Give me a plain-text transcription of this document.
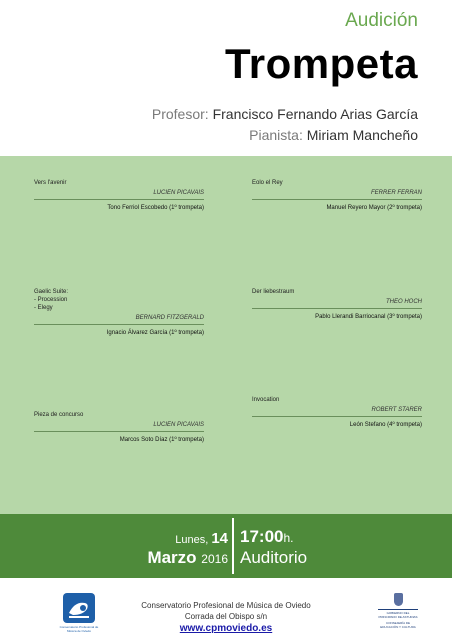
Audición
Trompeta
Profesor: Francisco Fernando Arias García
Pianista: Miriam Mancheño
Vers l'avenir
LUCIEN PICAVAIS
Tono Ferriol Escobedo (1º trompeta)
Eolo el Rey
FERRER FERRAN
Manuel Reyero Mayor (2º trompeta)
Gaelic Suite:
- Procession
- Elegy
BERNARD FITZGERALD
Ignacio Álvarez García (1º trompeta)
Der liebestraum
THEO HOCH
Pablo Llerandi Barriocanal (3º trompeta)
Invocation
ROBERT STARER
León Stefano (4º trompeta)
Pieza de concurso
LUCIEN PICAVAIS
Marcos Soto Díaz (1º trompeta)
Lunes, 14 17:00h.
Marzo 2016 Auditorio
Conservatorio Profesional de Música de Oviedo
Conservatorio Profesional de Música de Oviedo
Corrada del Obispo s/n
www.cpmoviedo.es
GOBIERNO DEL PRINCIPADO DE ASTURIAS
CONSEJERÍA DE EDUCACIÓN Y CULTURA
